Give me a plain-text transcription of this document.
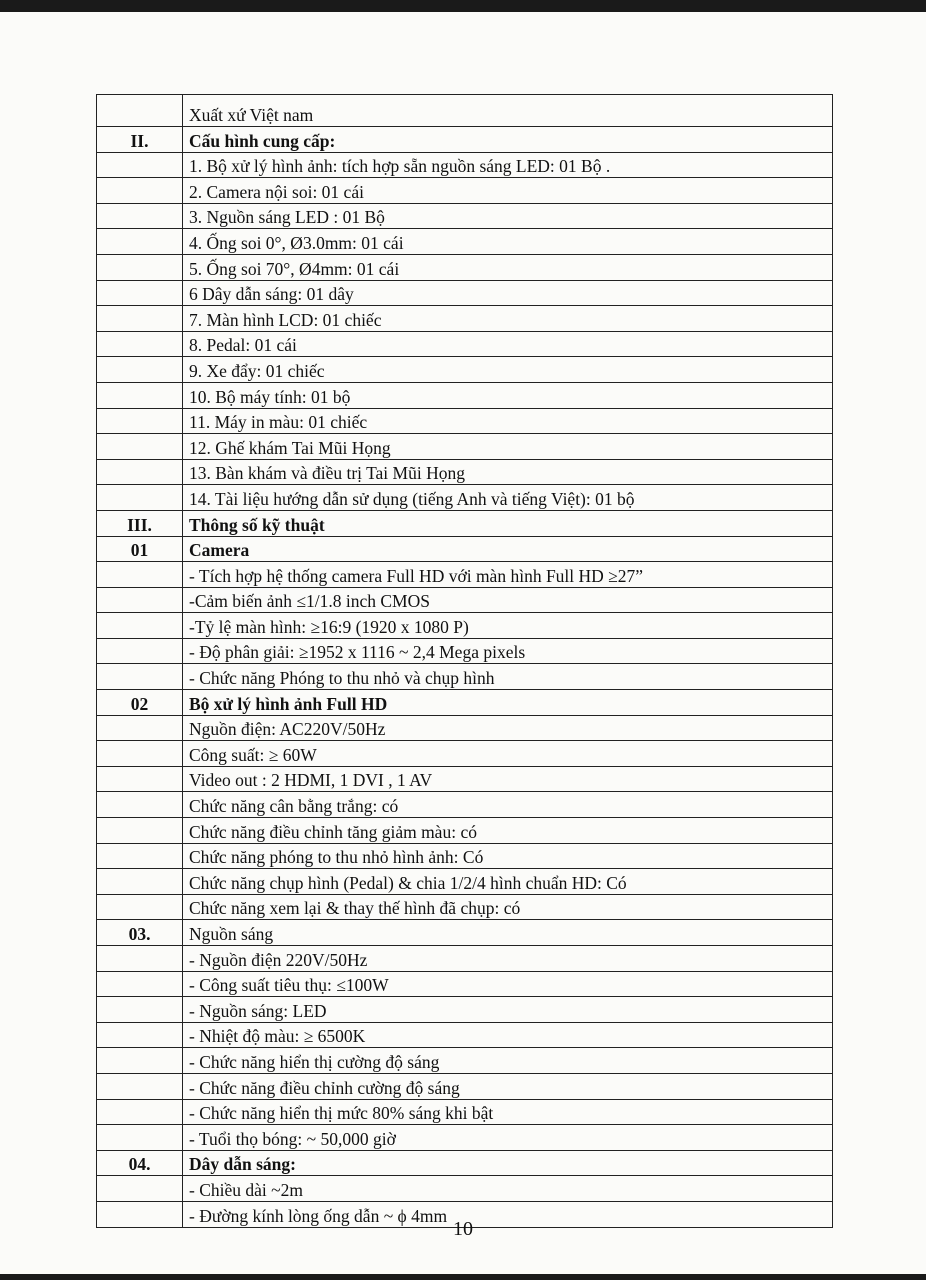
	Xuất xứ Việt nam
II.	Cấu hình cung cấp:
	1. Bộ xử lý hình ảnh: tích hợp sẵn nguồn sáng LED: 01 Bộ .
	2. Camera nội soi: 01 cái
	3. Nguồn sáng LED : 01 Bộ
	4. Ống soi 0°, Ø3.0mm: 01 cái
	5. Ống soi 70°, Ø4mm: 01 cái
	6 Dây dẫn sáng: 01 dây
	7. Màn hình LCD: 01 chiếc
	8. Pedal: 01 cái
	9. Xe đẩy: 01 chiếc
	10. Bộ máy tính: 01 bộ
	11. Máy in màu: 01 chiếc
	12. Ghế khám Tai Mũi Họng
	13. Bàn khám và điều trị Tai Mũi Họng
	14. Tài liệu hướng dẫn sử dụng (tiếng Anh và tiếng Việt): 01 bộ
III.	Thông số kỹ thuật
01	Camera
	- Tích hợp hệ thống camera Full HD với màn hình Full HD ≥27”
	-Cảm biến ảnh ≤1/1.8 inch CMOS
	-Tỷ lệ màn hình: ≥16:9 (1920 x 1080 P)
	- Độ phân giải: ≥1952 x 1116 ~ 2,4 Mega pixels
	- Chức năng Phóng to thu nhỏ và chụp hình
02	Bộ xử lý hình ảnh Full HD
	Nguồn điện: AC220V/50Hz
	Công suất: ≥ 60W
	Video out : 2 HDMI, 1 DVI , 1 AV
	Chức năng cân bằng trắng: có
	Chức năng điều chỉnh tăng giảm màu: có
	Chức năng phóng to thu nhỏ hình ảnh: Có
	Chức năng chụp hình (Pedal) & chia 1/2/4 hình chuẩn HD: Có
	Chức năng xem lại & thay thế hình đã chụp: có
03.	Nguồn sáng
	- Nguồn điện 220V/50Hz
	- Công suất tiêu thụ: ≤100W
	- Nguồn sáng: LED
	- Nhiệt độ màu: ≥ 6500K
	- Chức năng hiển thị cường độ sáng
	- Chức năng điều chỉnh cường độ sáng
	- Chức năng hiển thị mức 80% sáng khi bật
	- Tuổi thọ bóng: ~ 50,000 giờ
04.	Dây dẫn sáng:
	- Chiều dài ~2m
	- Đường kính lòng ống dẫn ~ ϕ 4mm
10
